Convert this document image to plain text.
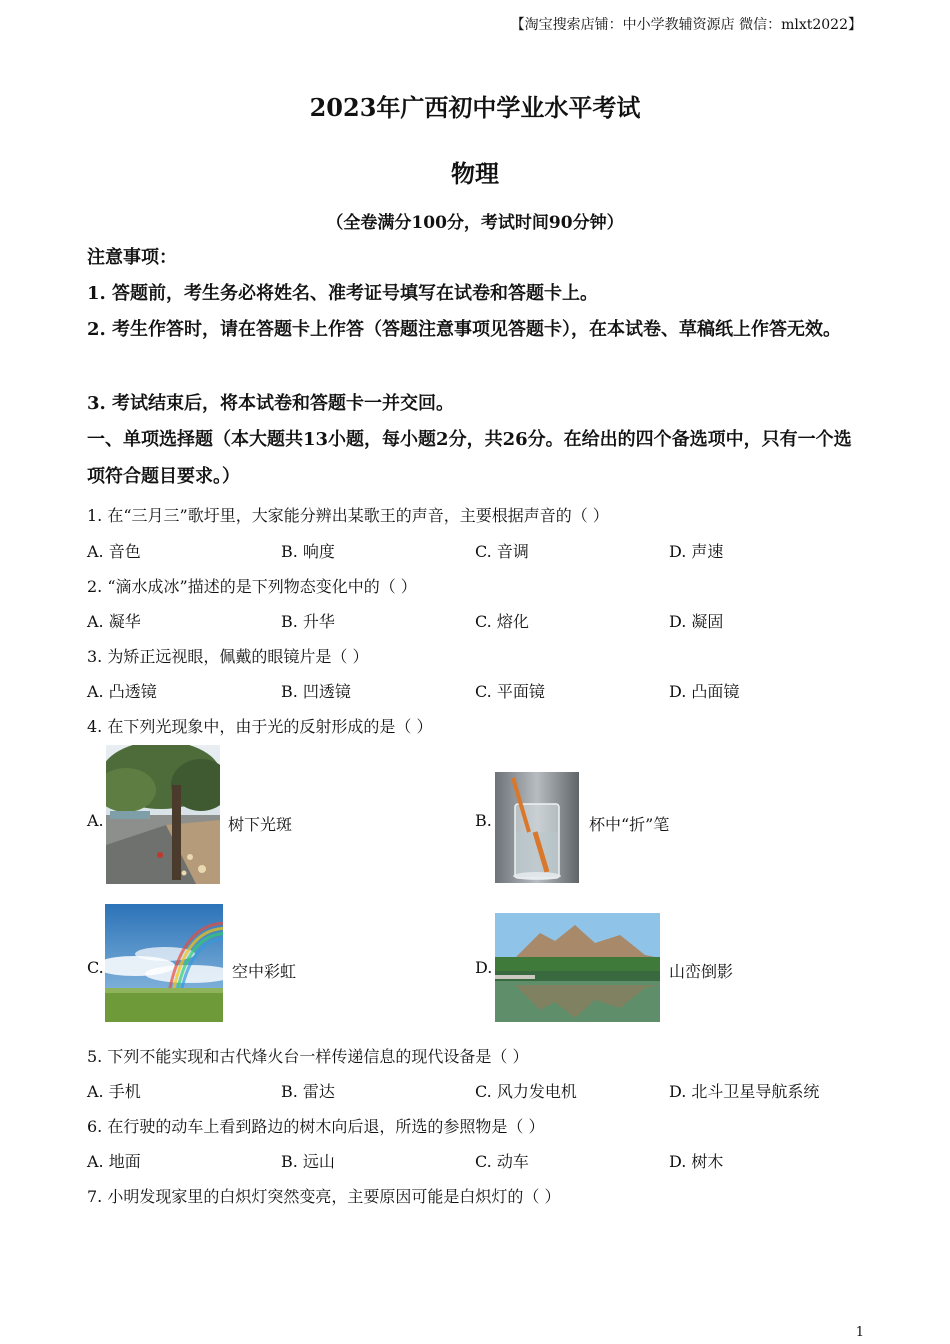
【淘宝搜索店铺：中小学教辅资源店 微信：mlxt2022】
2023年广西初中学业水平考试
物理
（全卷满分100分，考试时间90分钟）
注意事项：
1. 答题前，考生务必将姓名、准考证号填写在试卷和答题卡上。
2. 考生作答时，请在答题卡上作答（答题注意事项见答题卡），在本试卷、草稿纸上作答无效。
3. 考试结束后，将本试卷和答题卡一并交回。
一、单项选择题（本大题共13小题，每小题2分，共26分。在给出的四个备选项中，只有一个选项符合题目要求。）
1. 在“三月三”歌圩里，大家能分辨出某歌王的声音，主要根据声音的（ ）
A. 音色	B. 响度	C. 音调	D. 声速
2. “滴水成冰”描述的是下列物态变化中的（ ）
A. 凝华	B. 升华	C. 熔化	D. 凝固
3. 为矫正远视眼，佩戴的眼镜片是（ ）
A. 凸透镜	B. 凹透镜	C. 平面镜	D. 凸面镜
4. 在下列光现象中，由于光的反射形成的是（ ）
A.	树下光斑	B.	杯中“折”笔
C.	空中彩虹	D.	山峦倒影
5. 下列不能实现和古代烽火台一样传递信息的现代设备是（ ）
A. 手机	B. 雷达	C. 风力发电机	D. 北斗卫星导航系统
6. 在行驶的动车上看到路边的树木向后退，所选的参照物是（ ）
A. 地面	B. 远山	C. 动车	D. 树木
7. 小明发现家里的白炽灯突然变亮，主要原因可能是白炽灯的（ ）
1
